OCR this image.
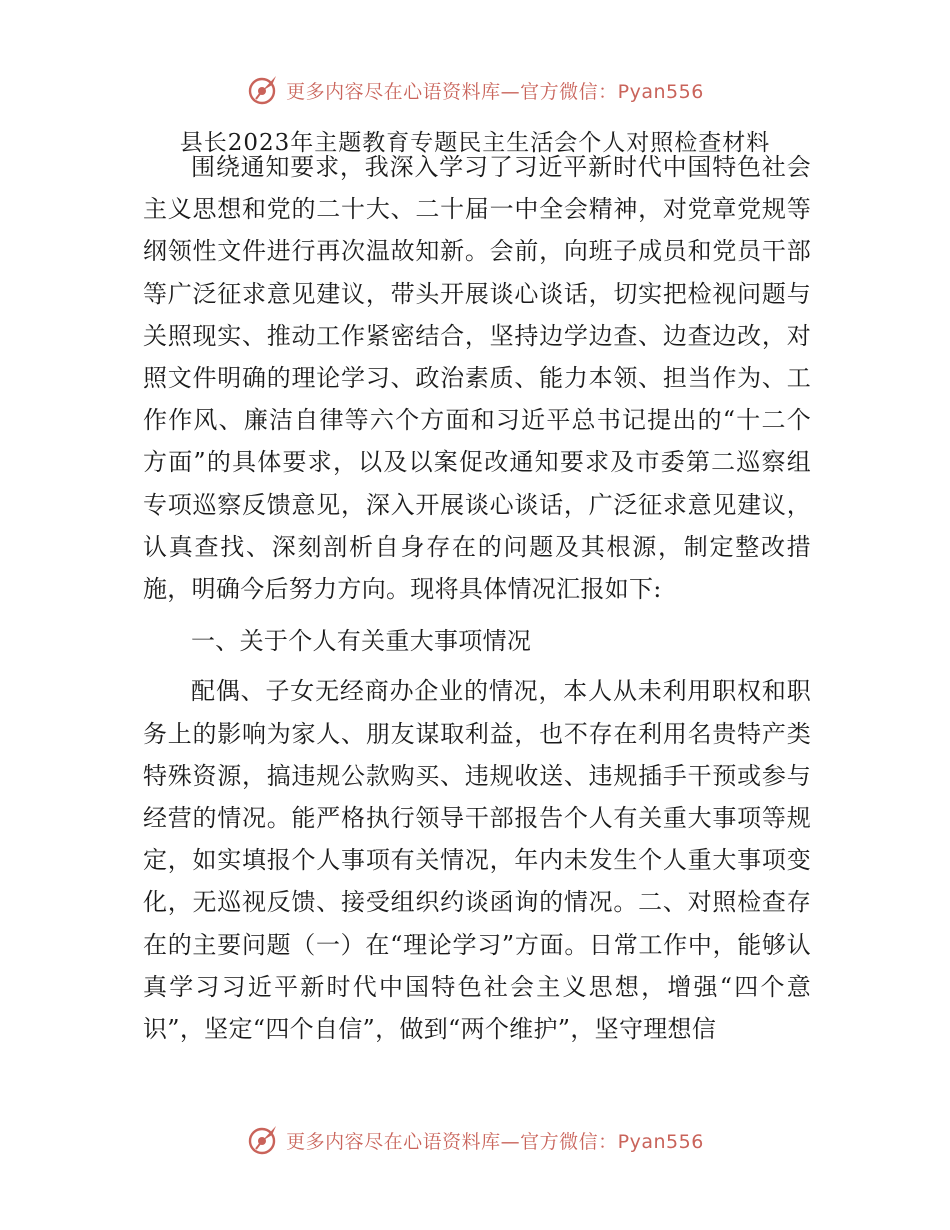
更多内容尽在心语资料库—官方微信：Pyan556
县长2023年主题教育专题民主生活会个人对照检查材料

围绕通知要求，我深入学习了习近平新时代中国特色社会主义思想和党的二十大、二十届一中全会精神，对党章党规等纲领性文件进行再次温故知新。会前，向班子成员和党员干部等广泛征求意见建议，带头开展谈心谈话，切实把检视问题与关照现实、推动工作紧密结合，坚持边学边查、边查边改，对照文件明确的理论学习、政治素质、能力本领、担当作为、工作作风、廉洁自律等六个方面和习近平总书记提出的“十二个方面”的具体要求，以及以案促改通知要求及市委第二巡察组专项巡察反馈意见，深入开展谈心谈话，广泛征求意见建议，认真查找、深刻剖析自身存在的问题及其根源，制定整改措施，明确今后努力方向。现将具体情况汇报如下:

一、关于个人有关重大事项情况

配偶、子女无经商办企业的情况，本人从未利用职权和职务上的影响为家人、朋友谋取利益，也不存在利用名贵特产类特殊资源，搞违规公款购买、违规收送、违规插手干预或参与经营的情况。能严格执行领导干部报告个人有关重大事项等规定，如实填报个人事项有关情况，年内未发生个人重大事项变化，无巡视反馈、接受组织约谈函询的情况。二、对照检查存在的主要问题（一）在“理论学习”方面。日常工作中，能够认真学习习近平新时代中国特色社会主义思想，增强“四个意识”，坚定“四个自信”，做到“两个维护”，坚守理想信

更多内容尽在心语资料库—官方微信：Pyan556
